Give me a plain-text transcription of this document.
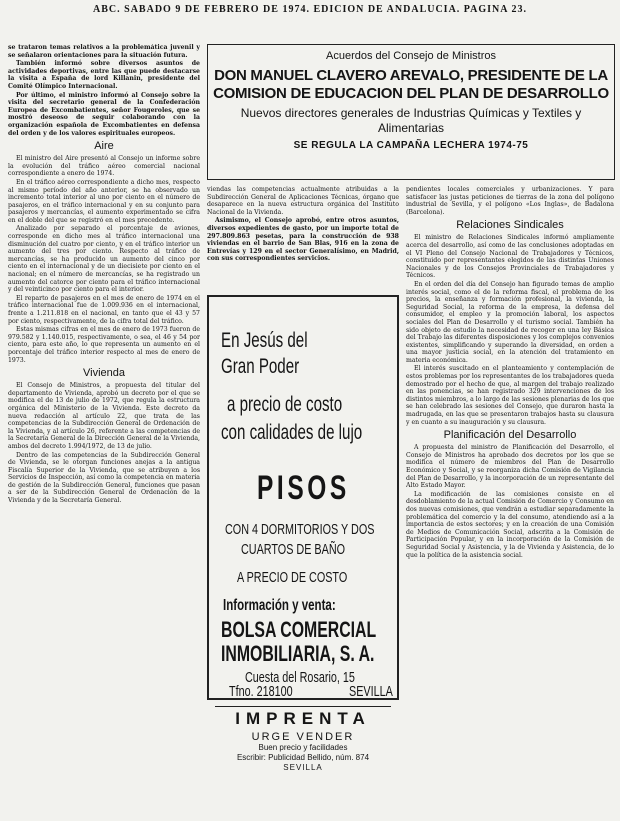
ABC. SABADO 9 DE FEBRERO DE 1974. EDICION DE ANDALUCIA. PAGINA 23.

se trataron temas relativos a la problemática juvenil y se señalaron orientaciones para la situación futura.

También informó sobre diversos asuntos de actividades deportivas, entre las que puede destacarse la visita a España de lord Killanin, presidente del Comité Olímpico Internacional.

Por último, el ministro informó al Consejo sobre la visita del secretario general de la Confederación Europea de Excombatientes, señor Fougeroles, que se mostró deseoso de seguir colaborando con la organización española de Excombatientes en defensa del orden y de los valores espirituales europeos.

Aire

El ministro del Aire presentó al Consejo un informe sobre la evolución del tráfico aéreo comercial nacional correspondiente a enero de 1974.

En el tráfico aéreo correspondiente a dicho mes, respecto al mismo período del año anterior, se ha observado un incremento total interior al uno por ciento en el número de pasajeros, en el tráfico internacional y en su conjunto para pasajeros y mercancías, el aumento experimentado se cifra en el doble del que se registró en el mes precedente.

Analizado por separado el porcentaje de aviones, corresponde en dicho mes al tráfico internacional una disminución del cuatro por ciento, y en el tráfico interior un aumento del tres por ciento. Respecto al tráfico de mercancías, se ha producido un aumento del cinco por ciento en el internacional y de un diecisiete por ciento en el nacional; en el número de mercancías, se ha registrado un aumento del catorce por ciento para el tráfico internacional y del veinticinco por ciento para el interior.

El reparto de pasajeros en el mes de enero de 1974 en el tráfico internacional fue de 1.009.936 en el internacional, frente a 1.211.818 en el nacional, en tanto que el 43 y 57 por ciento, respectivamente, de la cifra total del tráfico.

Estas mismas cifras en el mes de enero de 1973 fueron de 979.582 y 1.140.015, respectivamente, o sea, el 46 y 54 por ciento, para este año, lo que representa un aumento en el porcentaje del tráfico interior respecto al mes de enero de 1973.

Vivienda

El Consejo de Ministros, a propuesta del titular del departamento de Vivienda, aprobó un decreto por el que se modifica el de 13 de julio de 1972, que regula la estructura orgánica del Ministerio de la Vivienda. Este decreto da nueva redacción al artículo 22, que trata de las competencias de la Subdirección General de Ordenación de la Vivienda, y al artículo 26, referente a las competencias de la Secretaría General de la Dirección General de la Vivienda, ambos del decreto 1.994/1972, de 13 de julio.

Dentro de las competencias de la Subdirección General de Vivienda, se le otorgan funciones anejas a la antigua Fiscalía Superior de la Vivienda, que se atribuyen a los Servicios de Inspección, así como la competencia en materia de gestión de la Subdirección General, funciones que pasan a ser de la Subdirección General de Ordenación de la Vivienda y de la Secretaría General.

Acuerdos del Consejo de Ministros
DON MANUEL CLAVERO AREVALO, PRESIDENTE DE LA COMISION DE EDUCACION DEL PLAN DE DESARROLLO
Nuevos directores generales de Industrias Químicas y Textiles y Alimentarias
SE REGULA LA CAMPAÑA LECHERA 1974-75

viendas las competencias actualmente atribuidas a la Subdirección General de Aplicaciones Técnicas, órgano que desaparece en la nueva estructura orgánica del Instituto Nacional de la Vivienda.

Asimismo, el Consejo aprobó, entre otros asuntos, diversos expedientes de gasto, por un importe total de 297.809.863 pesetas, para la construcción de 938 viviendas en el barrio de San Blas, 916 en la zona de Entrevías y 129 en el sector Generalísimo, en Madrid, con sus correspondientes servicios.

En Jesús del
Gran Poder
a precio de costo
con calidades de lujo
PISOS
CON 4 DORMITORIOS Y DOS
CUARTOS DE BAÑO
A PRECIO DE COSTO
Información y venta:
BOLSA COMERCIAL
INMOBILIARIA, S. A.
Cuesta del Rosario, 15
Tfno. 218100	SEVILLA
IMPRENTA
URGE VENDER
Buen precio y facilidades
Escribir: Publicidad Bellido, núm. 874
SEVILLA

pendientes locales comerciales y urbanizaciones. Y para satisfacer las justas peticiones de tierras de la zona del polígono industrial de Sevilla, y el polígono «Los Inglas», de Badalona (Barcelona).

Relaciones Sindicales

El ministro de Relaciones Sindicales informó ampliamente acerca del desarrollo, así como de las conclusiones adoptadas en el VI Pleno del Consejo Nacional de Trabajadores y Técnicos, constituido por representantes elegidos de las distintas Uniones Nacionales y de los Consejos Provinciales de Trabajadores y Técnicos.

En el orden del día del Consejo han figurado temas de amplio interés social, como el de la reforma fiscal, el problema de los precios, la enseñanza y formación profesional, la vivienda, la Seguridad Social, la reforma de la empresa, la defensa del consumidor, el empleo y la promoción laboral, los aspectos sociales del Plan de Desarrollo y el turismo social. También ha sido objeto de estudio la necesidad de recoger en una ley Básica del Trabajo las diferentes disposiciones y los complejos convenios existentes, simplificando y superando la diversidad, en orden a una mayor justicia social, en la atención del tratamiento en materia económica.

El interés suscitado en el planteamiento y contemplación de estos problemas por los representantes de los trabajadores queda demostrado por el hecho de que, al margen del trabajo realizado en las ponencias, se han registrado 329 intervenciones de los distintos miembros, a lo largo de las sesiones plenarias de los que se han celebrado las sesiones del Consejo, que duraron hasta la madrugada, en las que se presentaron trabajos hasta su clausura y en cuanto a su inauguración y su clausura.

Planificación del Desarrollo

A propuesta del ministro de Planificación del Desarrollo, el Consejo de Ministros ha aprobado dos decretos por los que se modifica el número de miembros del Plan de Desarrollo Económico y Social, y se reorganiza dicha Comisión de Vigilancia del Plan de Desarrollo, y la incorporación de un representante del Alto Estado Mayor.

La modificación de las comisiones consiste en el desdoblamiento de la actual Comisión de Comercio y Consumo en dos nuevas comisiones, que vendrán a estudiar separadamente la problemática del comercio y la del consumo, atendiendo así a la importancia de estos sectores; y en la creación de una Comisión de Medios de Comunicación Social, adscrita a la Comisión de Participación Popular, y en la incorporación de la Comisión de Seguridad Social y Asistencia, y la de Vivienda y Asistencia, de lo que la política de la asistencia social.
